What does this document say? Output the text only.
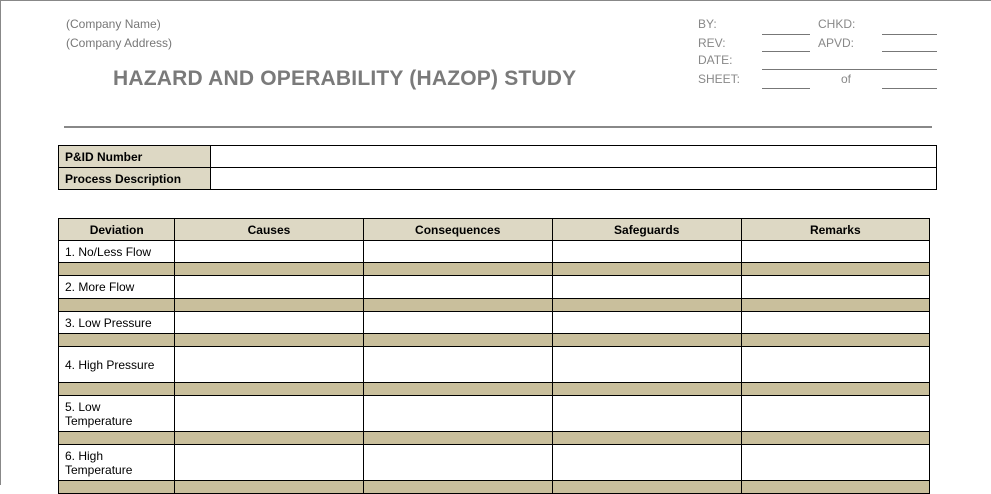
(Company Name)
(Company Address)
HAZARD AND OPERABILITY (HAZOP) STUDY
BY:	CHKD:
REV:	APVD:
DATE:
SHEET:	of
P&ID Number	
Process Description	
Deviation	Causes	Consequences	Safeguards	Remarks
1. No/Less Flow				

2. More Flow				

3. Low Pressure				

4. High Pressure				

5. Low Temperature				

6. High Temperature				
